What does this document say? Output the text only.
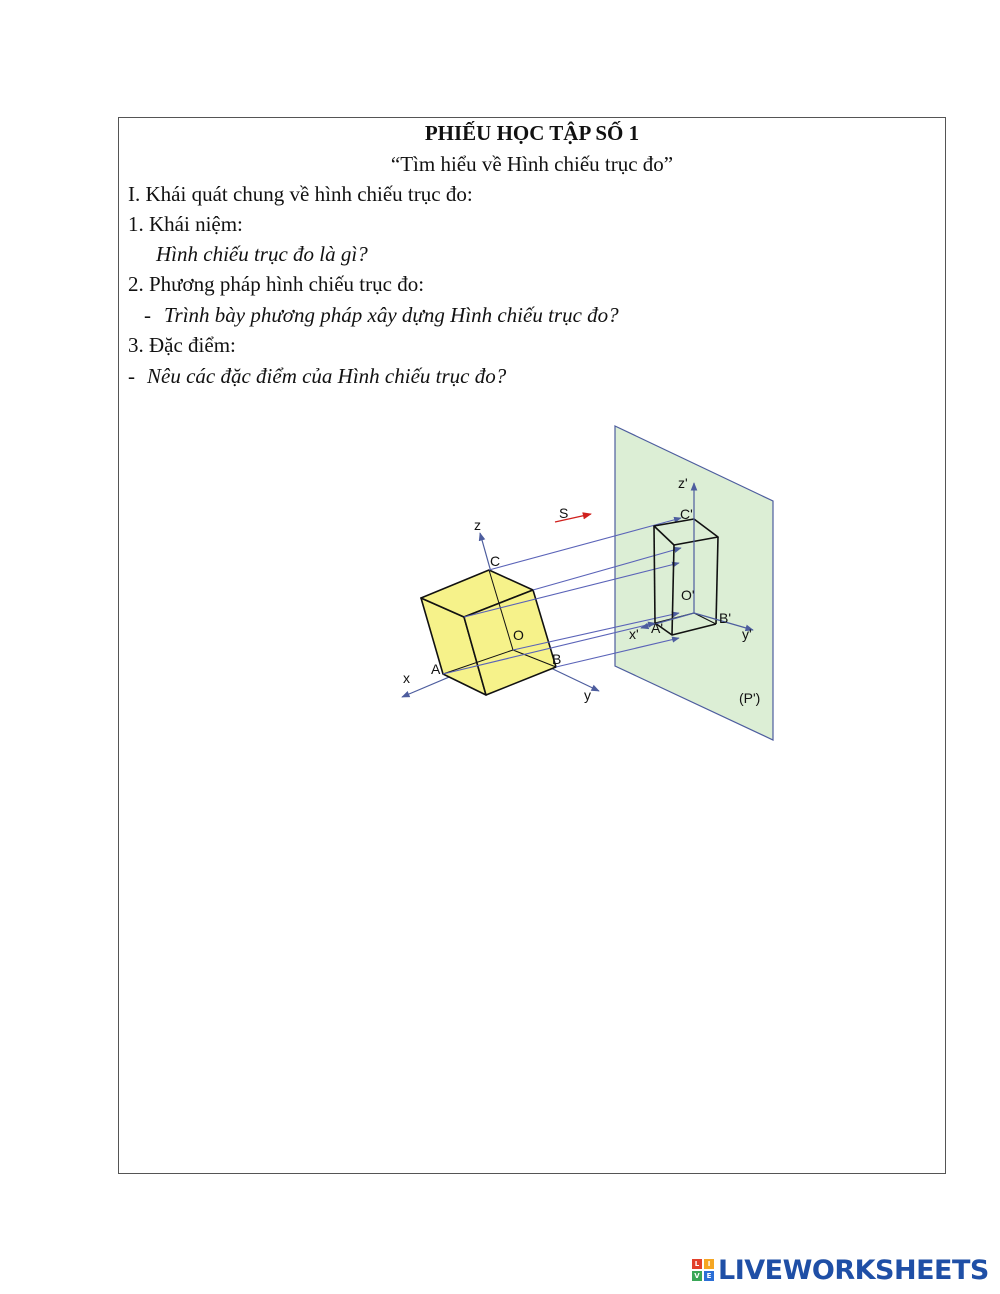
PHIẾU HỌC TẬP SỐ 1
“Tìm hiểu về Hình chiếu trục đo”
I. Khái quát chung về hình chiếu trục đo:
1. Khái niệm:
Hình chiếu trục đo là gì?
2. Phương pháp hình chiếu trục đo:
- Trình bày phương pháp xây dựng Hình chiếu trục đo?
3. Đặc điểm:
- Nêu các đặc điểm của Hình chiếu trục đo?
z
C
O
A
B
x
y
S
z'
C'
O'
B'
A'
x'	y'
(P')
L	I
V E LIVEWORKSHEETS
